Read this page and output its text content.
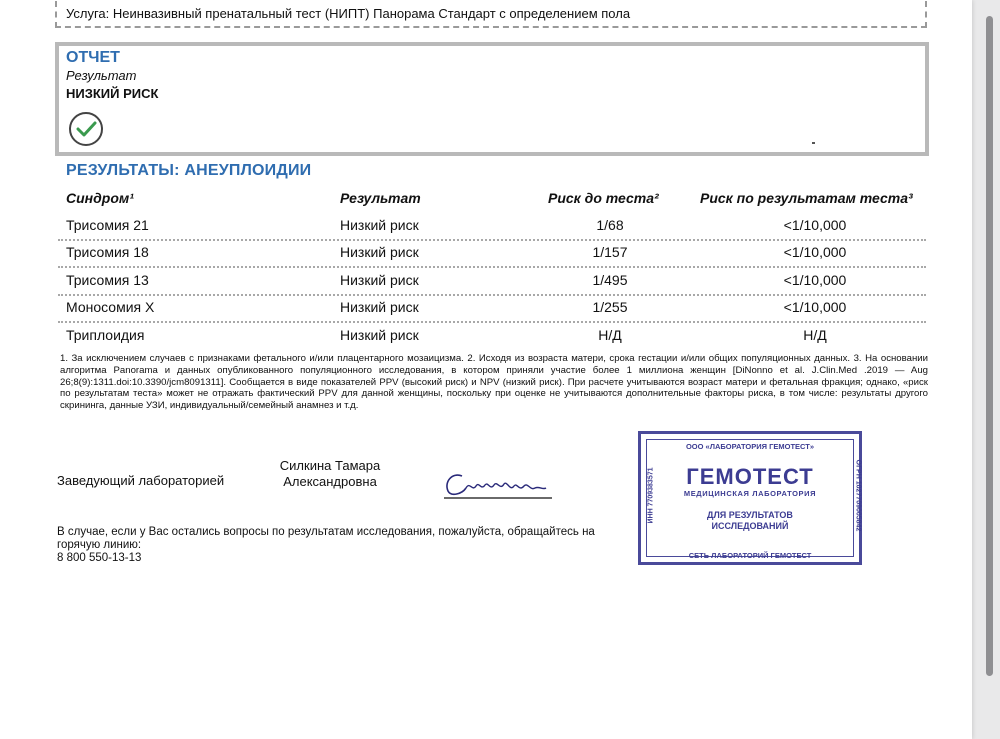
Услуга: Неинвазивный пренатальный тест (НИПТ) Панорама Стандарт с определением пола
ОТЧЕТ
Результат
НИЗКИЙ РИСК
РЕЗУЛЬТАТЫ: АНЕУПЛОИДИИ
Синдром¹	Результат	Риск до теста²	Риск по результатам теста³
Трисомия 21	Низкий риск	1/68	<1/10,000
Трисомия 18	Низкий риск	1/157	<1/10,000
Трисомия 13	Низкий риск	1/495	<1/10,000
Моносомия X	Низкий риск	1/255	<1/10,000
Триплоидия	Низкий риск	Н/Д	Н/Д
1. За исключением случаев с признаками фетального и/или плацентарного мозаицизма. 2. Исходя из возраста матери, срока гестации и/или общих популяционных данных. 3. На основании алгоритма Panorama и данных опубликованного популяционного исследования, в котором приняли участие более 1 миллиона женщин [DiNonno et al. J.Clin.Med .2019 — Aug 26;8(9):1311.doi:10.3390/jcm8091311]. Сообщается в виде показателей PPV (высокий риск) и NPV (низкий риск). При расчете учитываются возраст матери и фетальная фракция; однако, «риск по результатам теста» может не отражать фактический PPV для данной женщины, поскольку при оценке не учитываются дополнительные факторы риска, в том числе: результаты другого скрининга, данные УЗИ, индивидуальный/семейный анамнез и т.д.
Заведующий лабораторией
Силкина Тамара
Александровна
В случае, если у Вас остались вопросы по результатам исследования, пожалуйста, обращайтесь на
горячую линию:
8 800 550-13-13
ООО «ЛАБОРАТОРИЯ ГЕМОТЕСТ»
ГЕМОТЕСТ
МЕДИЦИНСКАЯ ЛАБОРАТОРИЯ
ДЛЯ РЕЗУЛЬТАТОВ
ИССЛЕДОВАНИЙ
СЕТЬ ЛАБОРАТОРИЙ ГЕМОТЕСТ
ИНН 7709383571	ОГРН 1027709005842
